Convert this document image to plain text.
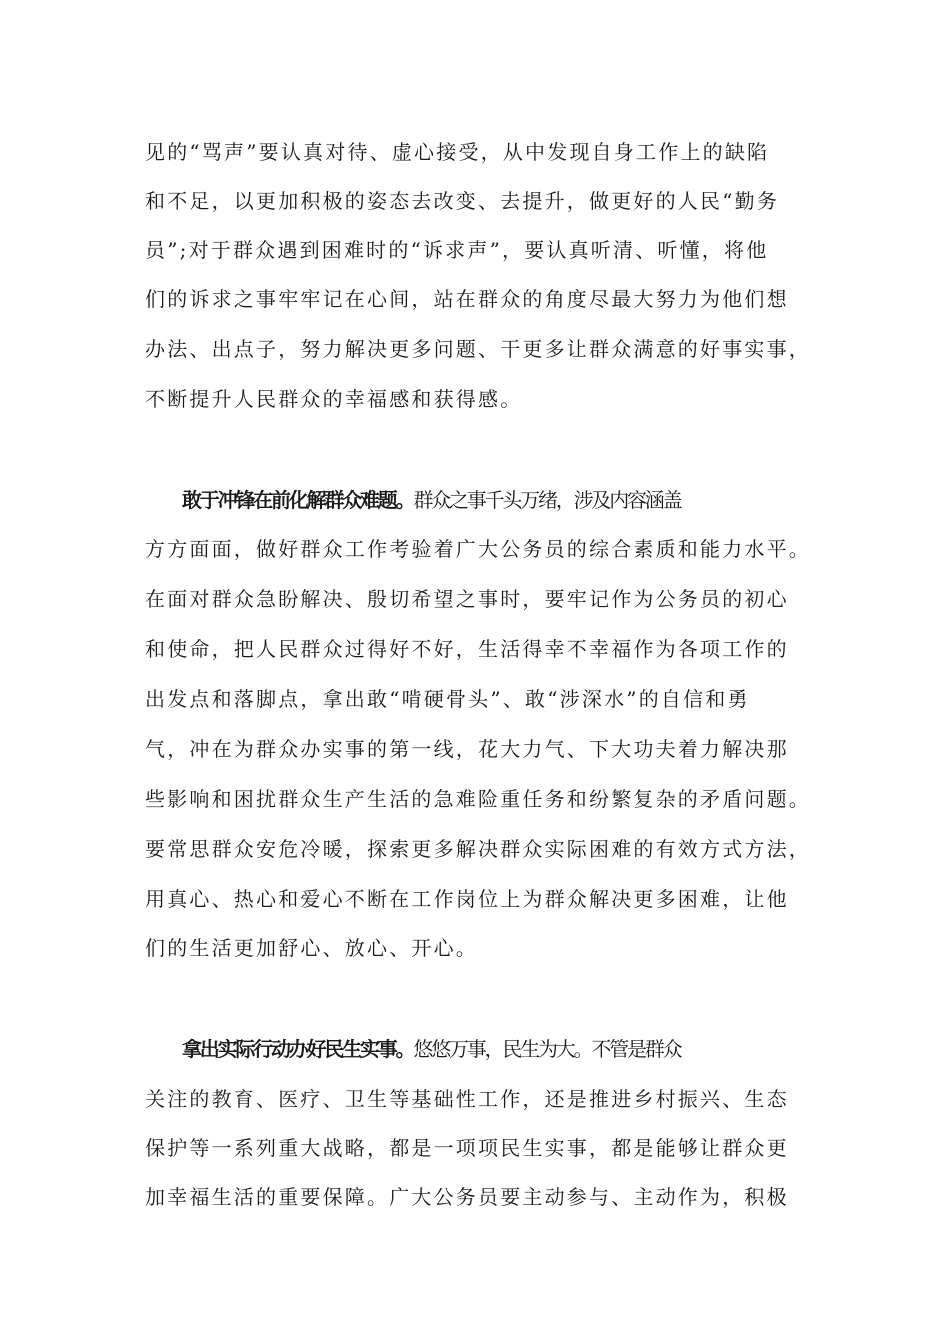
见的“骂声”要认真对待、虚心接受，从中发现自身工作上的缺陷
和不足，以更加积极的姿态去改变、去提升，做更好的人民“勤务
员”;对于群众遇到困难时的“诉求声”，要认真听清、听懂，将他
们的诉求之事牢牢记在心间，站在群众的角度尽最大努力为他们想
办法、出点子，努力解决更多问题、干更多让群众满意的好事实事，
不断提升人民群众的幸福感和获得感。
敢于冲锋在前化解群众难题。群众之事千头万绪，涉及内容涵盖
方方面面，做好群众工作考验着广大公务员的综合素质和能力水平。
在面对群众急盼解决、殷切希望之事时，要牢记作为公务员的初心
和使命，把人民群众过得好不好，生活得幸不幸福作为各项工作的
出发点和落脚点，拿出敢“啃硬骨头”、敢“涉深水”的自信和勇
气，冲在为群众办实事的第一线，花大力气、下大功夫着力解决那
些影响和困扰群众生产生活的急难险重任务和纷繁复杂的矛盾问题。
要常思群众安危冷暖，探索更多解决群众实际困难的有效方式方法，
用真心、热心和爱心不断在工作岗位上为群众解决更多困难，让他
们的生活更加舒心、放心、开心。
拿出实际行动办好民生实事。悠悠万事，民生为大。不管是群众
关注的教育、医疗、卫生等基础性工作，还是推进乡村振兴、生态
保护等一系列重大战略，都是一项项民生实事，都是能够让群众更
加幸福生活的重要保障。广大公务员要主动参与、主动作为，积极
